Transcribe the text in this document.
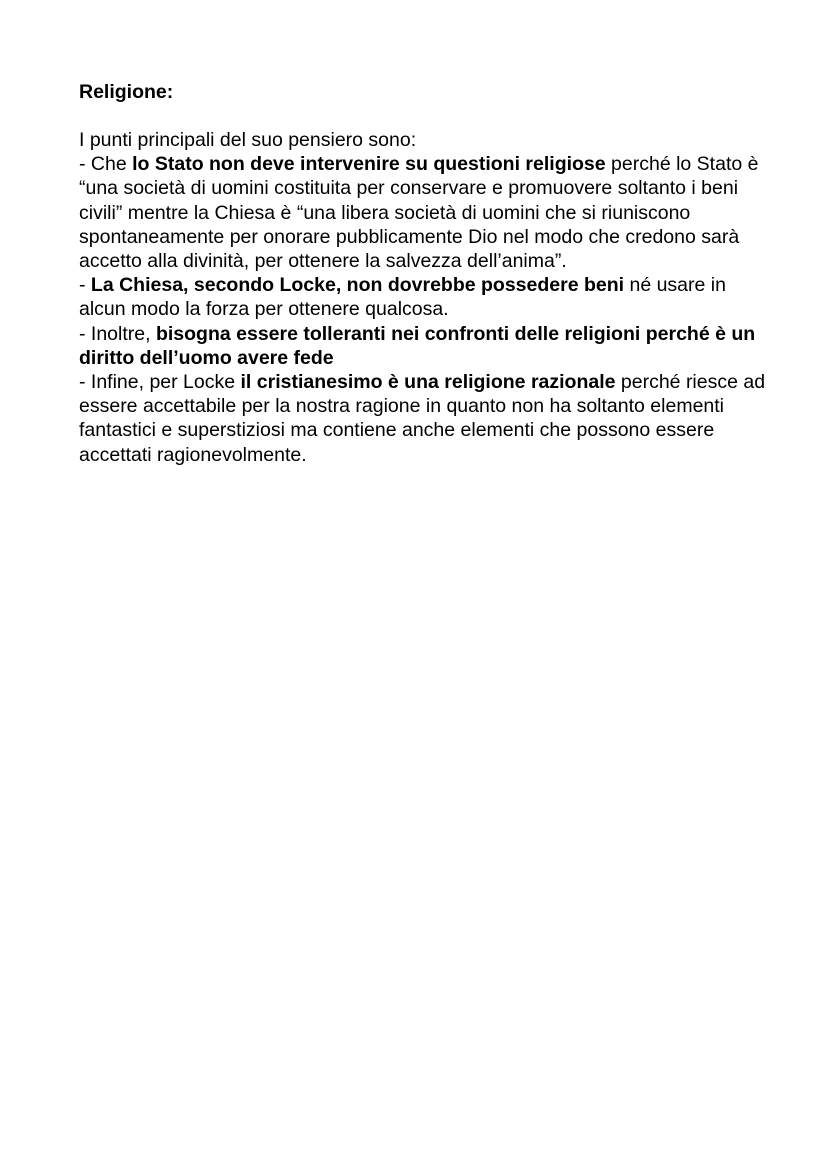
Religione:

I punti principali del suo pensiero sono:

- Che lo Stato non deve intervenire su questioni religiose perché lo Stato è “una società di uomini costituita per conservare e promuovere soltanto i beni civili” mentre la Chiesa è “una libera società di uomini che si riuniscono spontaneamente per onorare pubblicamente Dio nel modo che credono sarà accetto alla divinità, per ottenere la salvezza dell’anima”.

- La Chiesa, secondo Locke, non dovrebbe possedere beni né usare in alcun modo la forza per ottenere qualcosa.

- Inoltre, bisogna essere tolleranti nei confronti delle religioni perché è un diritto dell’uomo avere fede

- Infine, per Locke il cristianesimo è una religione razionale perché riesce ad essere accettabile per la nostra ragione in quanto non ha soltanto elementi fantastici e superstiziosi ma contiene anche elementi che possono essere accettati ragionevolmente.
